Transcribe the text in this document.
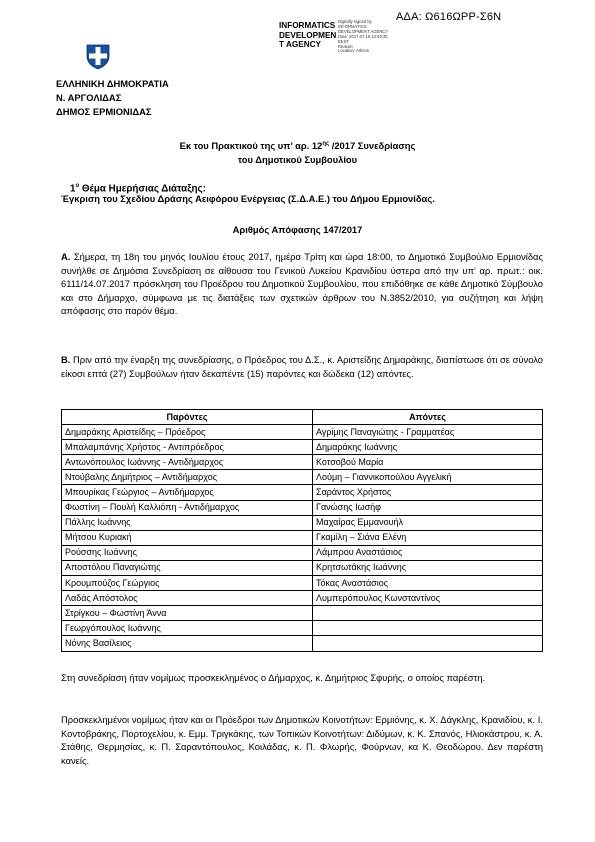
ΑΔΑ: Ω616ΩΡΡ-Σ6Ν
INFORMATICS
DEVELOPMEN
T AGENCY
Digitally signed by
INFORMATICS
DEVELOPMENT AGENCY
Date: 2017.07.19 13:59:49
EEST
Reason:
Location: Athens
ΕΛΛΗΝΙΚΗ ΔΗΜΟΚΡΑΤΙΑ
Ν. ΑΡΓΟΛΙΔΑΣ
ΔΗΜΟΣ ΕΡΜΙΟΝΙΔΑΣ
Εκ του Πρακτικού της υπ’ αρ. $12^{\eta\varsigma}$ /2017 Συνεδρίασης
του Δημοτικού Συμβουλίου
$1^o$ Θέμα Ημερήσιας Διάταξης:
Έγκριση του Σχεδίου Δράσης Αειφόρου Ενέργειας (Σ.Δ.Α.Ε.) του Δήμου Ερμιονίδας.
Αριθμός Απόφασης 147/2017
Α. Σήμερα, τη 18η του μηνός Ιουλίου έτους 2017, ημέρα Τρίτη και ώρα 18:00, το Δημοτικό Συμβούλιο Ερμιονίδας συνήλθε σε Δημόσια Συνεδρίαση σε αίθουσα του Γενικού Λυκείου Κρανιδίου ύστερα από την υπ’ αρ. πρωτ.: οικ. 6111/14.07.2017 πρόσκληση του Προέδρου του Δημοτικού Συμβουλίου, που επιδόθηκε σε κάθε Δημοτικό Σύμβουλο και στο Δήμαρχο, σύμφωνα με τις διατάξεις των σχετικών άρθρων του Ν.3852/2010, για συζήτηση και λήψη απόφασης στο παρόν θέμα.
Β. Πριν από την έναρξη της συνεδρίασης, ο Πρόεδρος του Δ.Σ., κ. Αριστείδης Δημαράκης, διαπίστωσε ότι σε σύνολο είκοσι επτά (27) Συμβούλων ήταν δεκαπέντε (15) παρόντες και δώδεκα (12) απόντες.
Παρόντες	Απόντες
Δημαράκης Αριστείδης – Πρόεδρος	Αγρίμης Παναγιώτης - Γραμματέας
Μπαλαμπάνης Χρήστος - Αντιπρόεδρος	Δημαράκης Ιωάννης
Αντωνόπουλος Ιωάννης - Αντιδήμαρχος	Κοτσοβού Μαρία
Ντούβαλης Δημήτριος – Αντιδήμαρχος	Λούμη – Γιαννικοπούλου Αγγελική
Μπουρίκας Γεώργιος – Αντιδήμαρχος	Σαράντος Χρήστος
Φωστίνη – Πουλή Καλλιόπη - Αντιδήμαρχος	Γανώσης Ιωσήφ
Πάλλης Ιωάννης	Μαχαίρας Εμμανουήλ
Μήτσου Κυριακή	Γκαμίλη – Σιάνα Ελένη
Ρούσσης Ιωάννης	Λάμπρου Αναστάσιος
Αποστόλου Παναγιώτης	Κρητσωτάκης Ιωάννης
Κρουμπούζος Γεώργιος	Τόκας Αναστάσιος
Λαδάς Απόστολος	Λυμπερόπουλος Κωνσταντίνος
Στρίγκου – Φωστίνη Άννα	
Γεωργόπουλος Ιωάννης	
Νόνης Βασίλειος	
Στη συνεδρίαση ήταν νομίμως προσκεκλημένος ο Δήμαρχος, κ. Δημήτριος Σφυρής, ο οποίος παρέστη.
Προσκεκλημένοι νομίμως ήταν και οι Πρόεδροι των Δημοτικών Κοινοτήτων: Ερμιόνης, κ. Χ. Δάγκλης, Κρανιδίου, κ. Ι. Κοντοβράκης, Πορτοχελίου, κ. Εμμ. Τριγκάκης, των Τοπικών Κοινοτήτων: Διδύμων, κ. Κ. Σπανός, Ηλιοκάστρου, κ. Α. Στάθης, Θερμησίας, κ. Π. Σαραντόπουλος, Κοιλάδας, κ. Π. Φλωρής, Φούρνων, κα Κ. Θεοδώρου. Δεν παρέστη κανείς.
